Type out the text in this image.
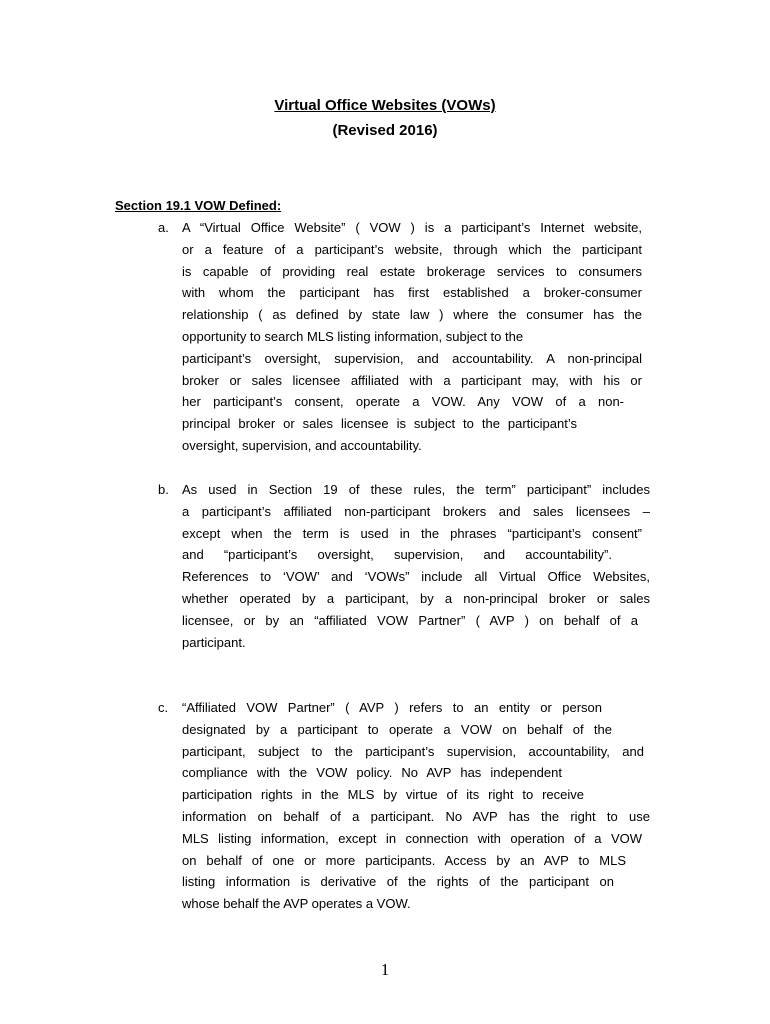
Virtual Office Websites (VOWs)
(Revised 2016)
Section 19.1 VOW Defined:
a. A “Virtual Office Website” ( VOW ) is a participant’s Internet website,
or a feature of a participant’s website, through which the participant
is capable of providing real estate brokerage services to consumers
with whom the participant has first established a broker-consumer
relationship ( as defined by state law ) where the consumer has the
opportunity to search MLS listing information, subject to the
participant’s oversight, supervision, and accountability. A non-principal
broker or sales licensee affiliated with a participant may, with his or
her participant’s consent, operate a VOW. Any VOW of a non-
principal broker or sales licensee is subject to the participant’s
oversight, supervision, and accountability.
b. As used in Section 19 of these rules, the term” participant” includes
a participant’s affiliated non-participant brokers and sales licensees –
except when the term is used in the phrases “participant’s consent”
and “participant’s oversight, supervision, and accountability”.
References to ‘VOW’ and ‘VOWs” include all Virtual Office Websites,
whether operated by a participant, by a non-principal broker or sales
licensee, or by an “affiliated VOW Partner” ( AVP ) on behalf of a
participant.
c. “Affiliated VOW Partner” ( AVP ) refers to an entity or person
designated by a participant to operate a VOW on behalf of the
participant, subject to the participant’s supervision, accountability, and
compliance with the VOW policy. No AVP has independent
participation rights in the MLS by virtue of its right to receive
information on behalf of a participant. No AVP has the right to use
MLS listing information, except in connection with operation of a VOW
on behalf of one or more participants. Access by an AVP to MLS
listing information is derivative of the rights of the participant on
whose behalf the AVP operates a VOW.
1
